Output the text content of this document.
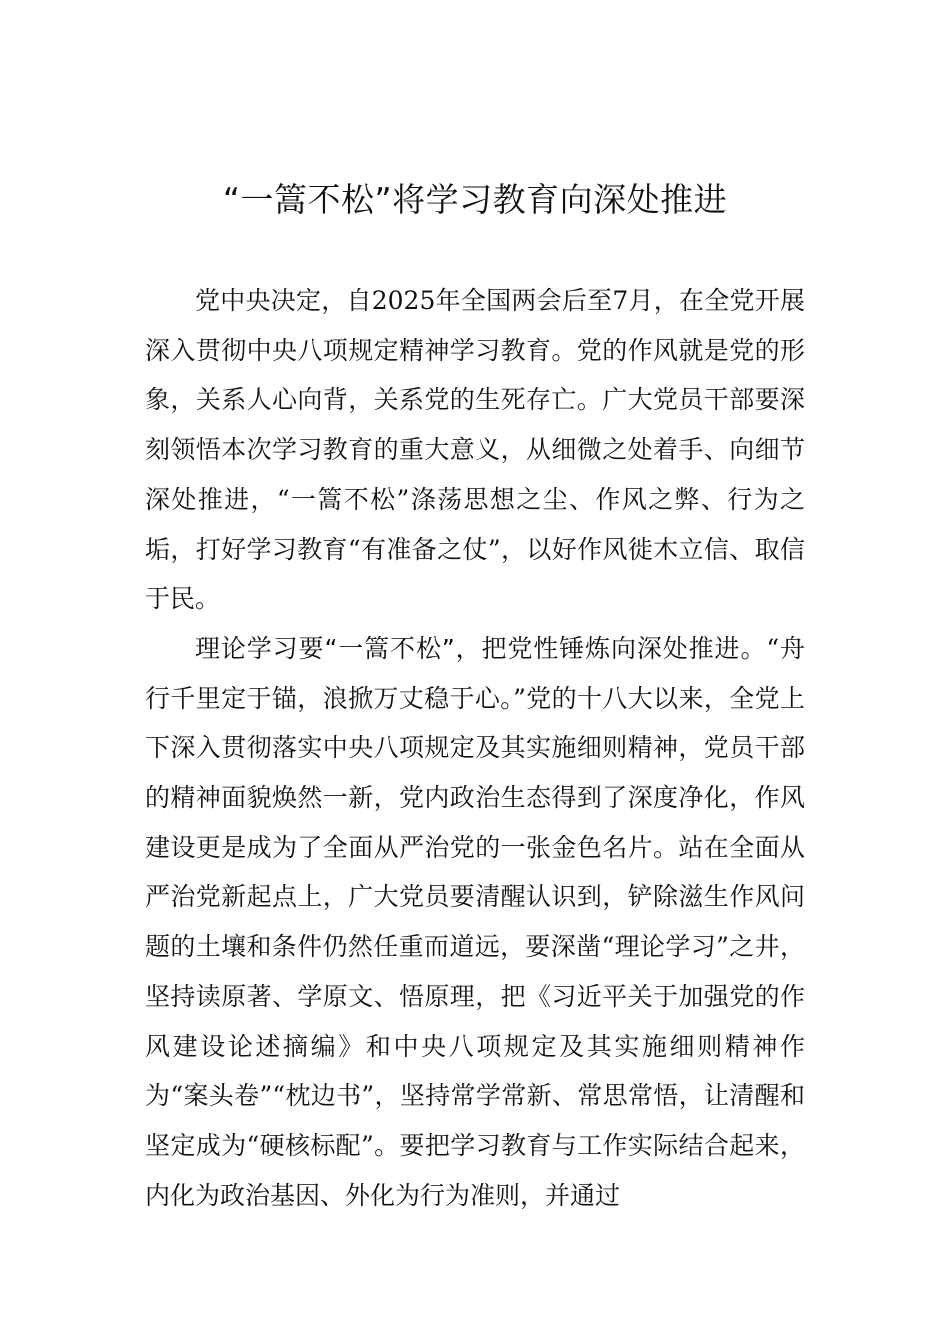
“一篙不松”将学习教育向深处推进

党中央决定，自2025年全国两会后至7月，在全党开展深入贯彻中央八项规定精神学习教育。党的作风就是党的形象，关系人心向背，关系党的生死存亡。广大党员干部要深刻领悟本次学习教育的重大意义，从细微之处着手、向细节深处推进，“一篙不松”涤荡思想之尘、作风之弊、行为之垢，打好学习教育“有准备之仗”，以好作风徙木立信、取信于民。

理论学习要“一篙不松”，把党性锤炼向深处推进。“舟行千里定于锚，浪掀万丈稳于心。”党的十八大以来，全党上下深入贯彻落实中央八项规定及其实施细则精神，党员干部的精神面貌焕然一新，党内政治生态得到了深度净化，作风建设更是成为了全面从严治党的一张金色名片。站在全面从严治党新起点上，广大党员要清醒认识到，铲除滋生作风问题的土壤和条件仍然任重而道远，要深凿“理论学习”之井，坚持读原著、学原文、悟原理，把《习近平关于加强党的作风建设论述摘编》和中央八项规定及其实施细则精神作为“案头卷”“枕边书”，坚持常学常新、常思常悟，让清醒和坚定成为“硬核标配”。要把学习教育与工作实际结合起来，内化为政治基因、外化为行为准则，并通过
